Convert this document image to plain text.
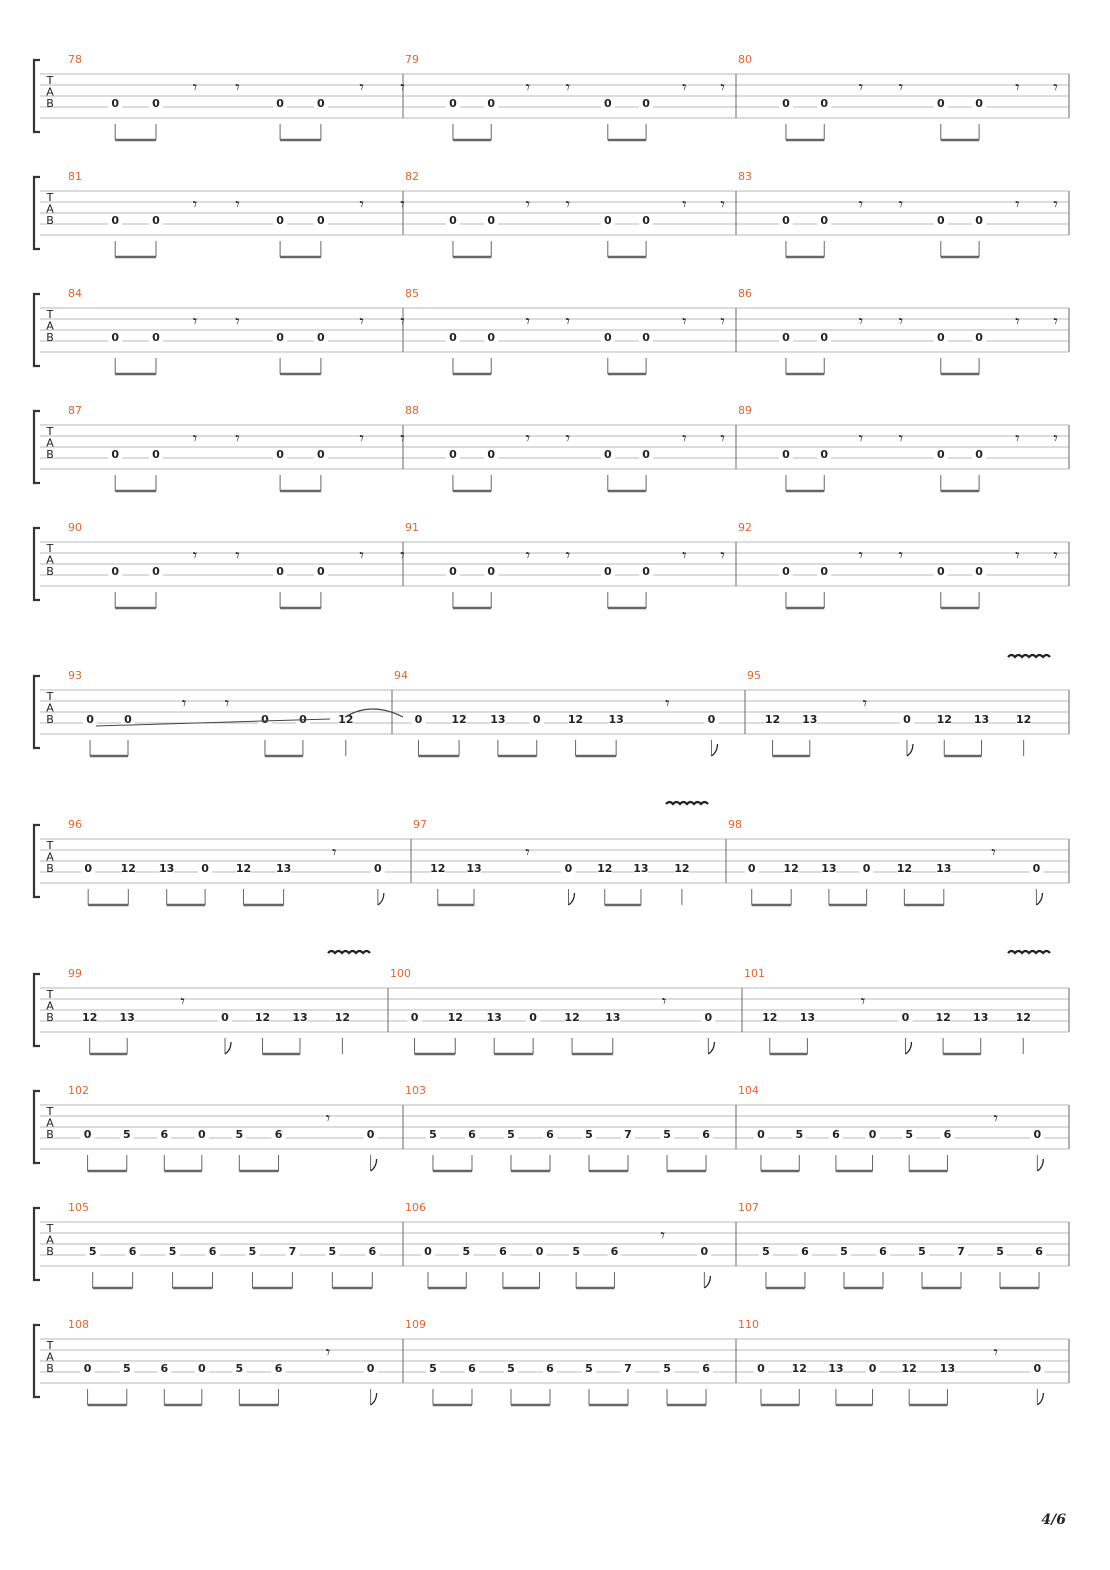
T
A
B
78
0	0
𝄾 𝄾
0	0
𝄾 𝄾
79
0	0
𝄾 𝄾
0	0
𝄾 𝄾
80
0	0
𝄾 𝄾
0	0
𝄾 𝄾
T
A
B
81
0	0
𝄾 𝄾
0	0
𝄾 𝄾
82
0	0
𝄾 𝄾
0	0
𝄾 𝄾
83
0	0
𝄾 𝄾
0	0
𝄾 𝄾
T
A
B
84
0	0
𝄾 𝄾
0	0
𝄾 𝄾
85
0	0
𝄾 𝄾
0	0
𝄾 𝄾
86
0	0
𝄾 𝄾
0	0
𝄾 𝄾
T
A
B
87
0	0
𝄾 𝄾
0	0
𝄾 𝄾
88
0	0
𝄾 𝄾
0	0
𝄾 𝄾
89
0	0
𝄾 𝄾
0	0
𝄾 𝄾
T
A
B
90
0	0
𝄾 𝄾
0	0
𝄾 𝄾
91
0	0
𝄾 𝄾
0	0
𝄾 𝄾
92
0	0
𝄾 𝄾
0	0
𝄾 𝄾
T
A
B
93
0	0
𝄾 𝄾
0	0	12
94
0	12 13 0 12 13
𝄾
0
95
12 13
𝄾
0 12 13 12
T
A
B
96
0	12 13 0 12 13
𝄾
0
97
12 13
𝄾
0 12 13 12
98
0	12 13 0 12 13
𝄾
0
T
A
B
99
12 13
𝄾
0 12 13 12
100
0	12 13 0 12 13
𝄾
0
101
12 13
𝄾
0 12 13 12
T
A
B
102
0	5	6	0	5	6
𝄾
0
103
5	6	5	6	5	7	5	6
104
0	5	6	0	5	6
𝄾
0
T
A
B
105
5	6	5	6	5	7	5	6
106
0	5	6	0	5	6
𝄾
0
107
5	6	5	6	5	7	5	6
T
A
B
108
0	5	6	0	5	6
𝄾
0
109
5	6	5	6	5	7	5	6
110
0 12 13 0 12 13
𝄾
0
4/6
